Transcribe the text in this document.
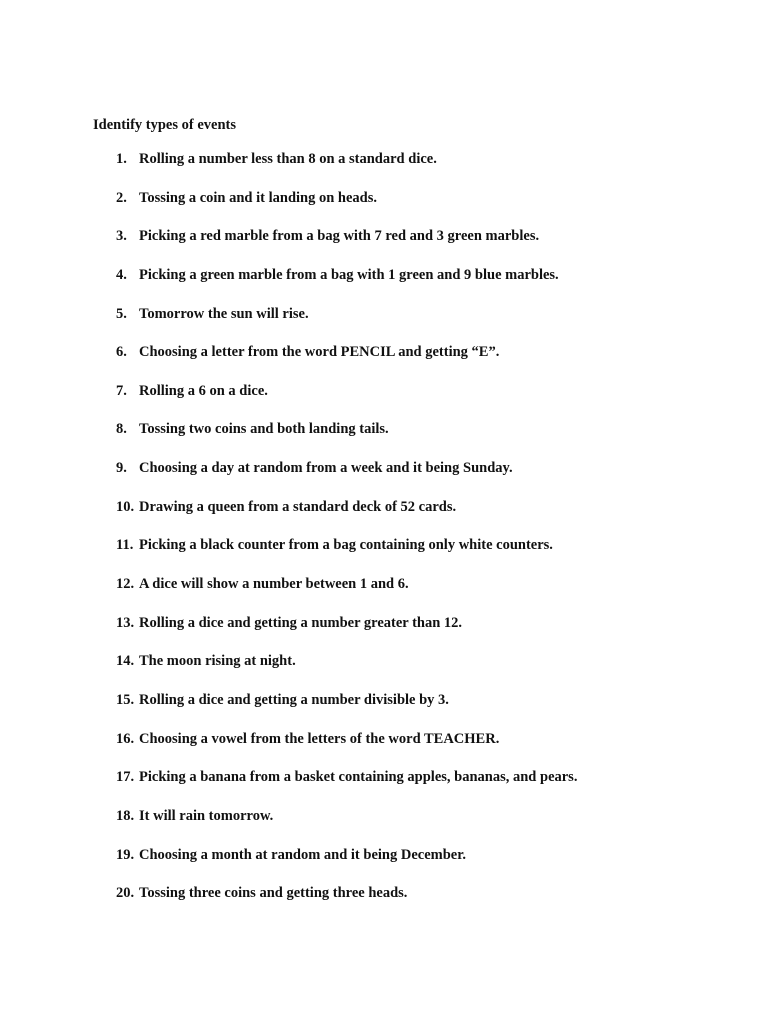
Identify types of events
1. Rolling a number less than 8 on a standard dice.
2. Tossing a coin and it landing on heads.
3. Picking a red marble from a bag with 7 red and 3 green marbles.
4. Picking a green marble from a bag with 1 green and 9 blue marbles.
5. Tomorrow the sun will rise.
6. Choosing a letter from the word PENCIL and getting “E”.
7. Rolling a 6 on a dice.
8. Tossing two coins and both landing tails.
9. Choosing a day at random from a week and it being Sunday.
10. Drawing a queen from a standard deck of 52 cards.
11. Picking a black counter from a bag containing only white counters.
12. A dice will show a number between 1 and 6.
13. Rolling a dice and getting a number greater than 12.
14. The moon rising at night.
15. Rolling a dice and getting a number divisible by 3.
16. Choosing a vowel from the letters of the word TEACHER.
17. Picking a banana from a basket containing apples, bananas, and pears.
18. It will rain tomorrow.
19. Choosing a month at random and it being December.
20. Tossing three coins and getting three heads.
